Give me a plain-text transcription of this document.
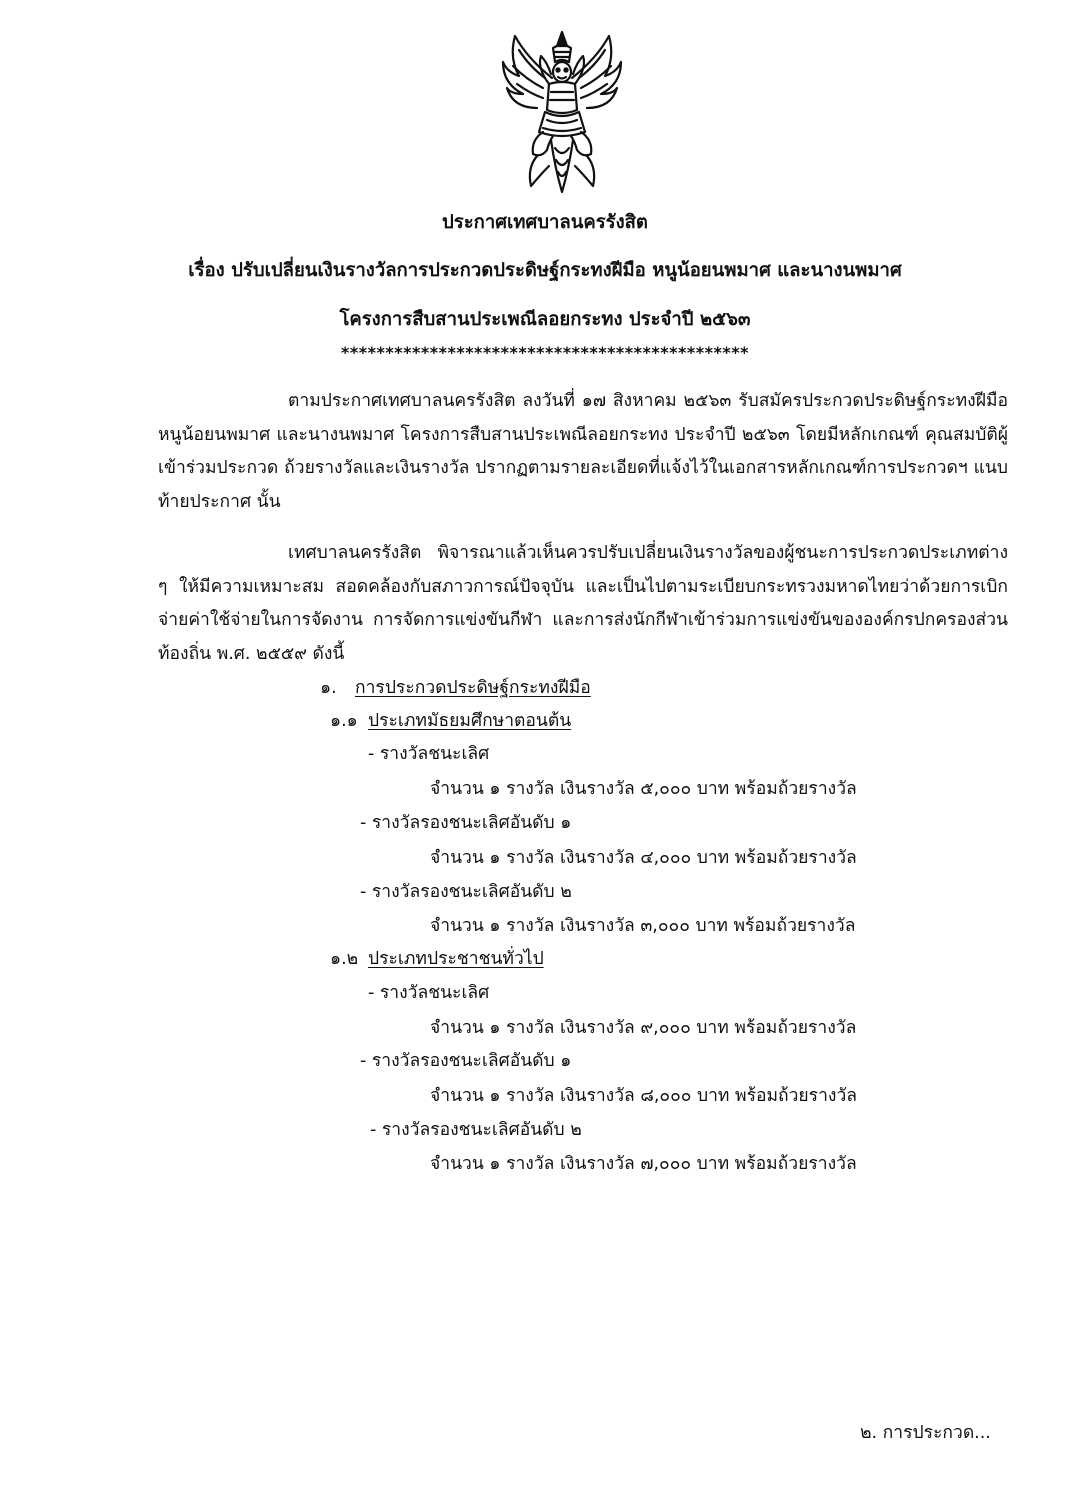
ประกาศเทศบาลนครรังสิต
เรื่อง ปรับเปลี่ยนเงินรางวัลการประกวดประดิษฐ์กระทงฝีมือ หนูน้อยนพมาศ และนางนพมาศ
โครงการสืบสานประเพณีลอยกระทง ประจำปี ๒๕๖๓
**********************************************
ตามประกาศเทศบาลนครรังสิต ลงวันที่ ๑๗ สิงหาคม ๒๕๖๓ รับสมัครประกวดประดิษฐ์กระทงฝีมือ หนูน้อยนพมาศ และนางนพมาศ โครงการสืบสานประเพณีลอยกระทง ประจำปี ๒๕๖๓ โดยมีหลักเกณฑ์ คุณสมบัติผู้เข้าร่วมประกวด ถ้วยรางวัลและเงินรางวัล ปรากฏตามรายละเอียดที่แจ้งไว้ในเอกสารหลักเกณฑ์การประกวดฯ แนบท้ายประกาศ นั้น
เทศบาลนครรังสิต พิจารณาแล้วเห็นควรปรับเปลี่ยนเงินรางวัลของผู้ชนะการประกวดประเภทต่าง ๆ ให้มีความเหมาะสม สอดคล้องกับสภาวการณ์ปัจจุบัน และเป็นไปตามระเบียบกระทรวงมหาดไทยว่าด้วยการเบิกจ่ายค่าใช้จ่ายในการจัดงาน การจัดการแข่งขันกีฬา และการส่งนักกีฬาเข้าร่วมการแข่งขันขององค์กรปกครองส่วนท้องถิ่น พ.ศ. ๒๕๕๙ ดังนี้
๑. การประกวดประดิษฐ์กระทงฝีมือ
๑.๑ ประเภทมัธยมศึกษาตอนต้น
- รางวัลชนะเลิศ
จำนวน ๑ รางวัล เงินรางวัล ๕,๐๐๐ บาท พร้อมถ้วยรางวัล
- รางวัลรองชนะเลิศอันดับ ๑
จำนวน ๑ รางวัล เงินรางวัล ๔,๐๐๐ บาท พร้อมถ้วยรางวัล
- รางวัลรองชนะเลิศอันดับ ๒
จำนวน ๑ รางวัล เงินรางวัล ๓,๐๐๐ บาท พร้อมถ้วยรางวัล
๑.๒ ประเภทประชาชนทั่วไป
- รางวัลชนะเลิศ
จำนวน ๑ รางวัล เงินรางวัล ๙,๐๐๐ บาท พร้อมถ้วยรางวัล
- รางวัลรองชนะเลิศอันดับ ๑
จำนวน ๑ รางวัล เงินรางวัล ๘,๐๐๐ บาท พร้อมถ้วยรางวัล
- รางวัลรองชนะเลิศอันดับ ๒
จำนวน ๑ รางวัล เงินรางวัล ๗,๐๐๐ บาท พร้อมถ้วยรางวัล
๒. การประกวด...
